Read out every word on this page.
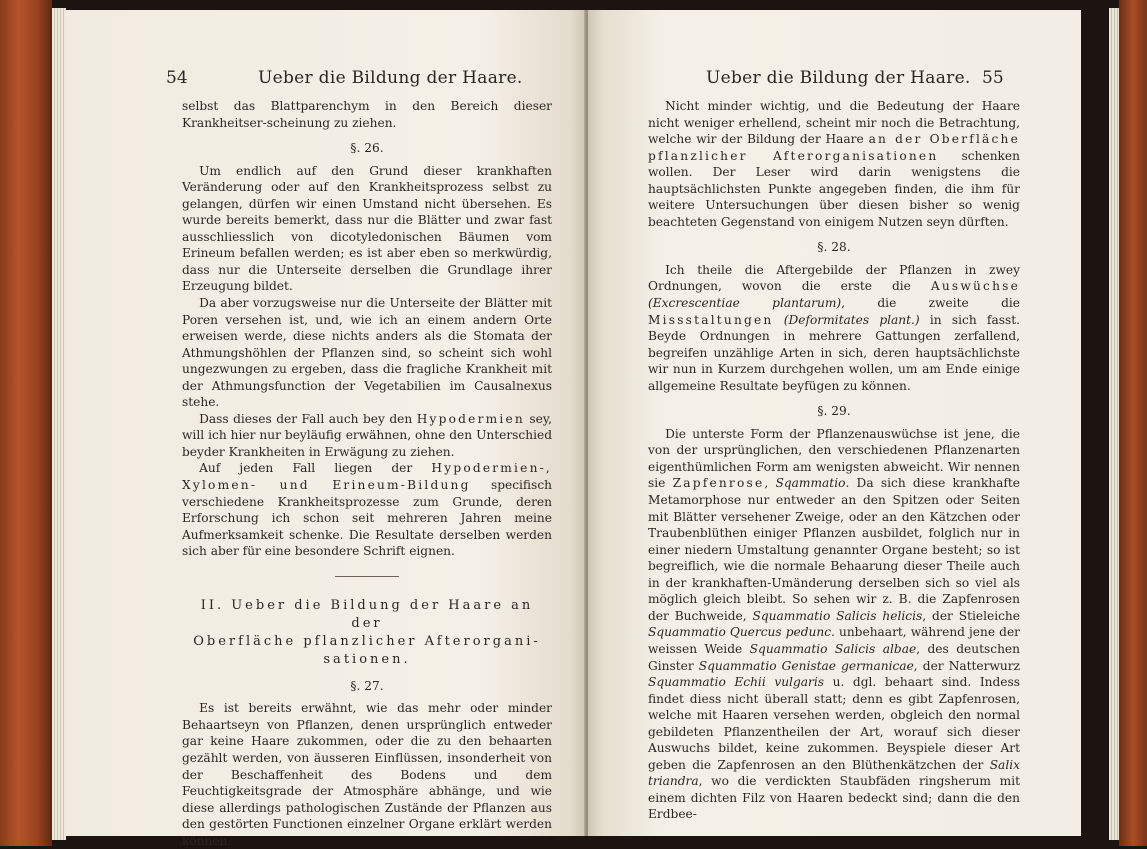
54	Ueber die Bildung der Haare.

selbst das Blattparenchym in den Bereich dieser Krankheitser-scheinung zu ziehen.

§. 26.

Um endlich auf den Grund dieser krankhaften Veränderung oder auf den Krankheitsprozess selbst zu gelangen, dürfen wir einen Umstand nicht übersehen. Es wurde bereits bemerkt, dass nur die Blätter und zwar fast ausschliesslich von dicotyledonischen Bäumen vom Erineum befallen werden; es ist aber eben so merkwürdig, dass nur die Unterseite derselben die Grundlage ihrer Erzeugung bildet.

Da aber vorzugsweise nur die Unterseite der Blätter mit Poren versehen ist, und, wie ich an einem andern Orte erweisen werde, diese nichts anders als die Stomata der Athmungshöhlen der Pflanzen sind, so scheint sich wohl ungezwungen zu ergeben, dass die fragliche Krankheit mit der Athmungsfunction der Vegetabilien im Causalnexus stehe.

Dass dieses der Fall auch bey den Hypodermien sey, will ich hier nur beyläufig erwähnen, ohne den Unterschied beyder Krankheiten in Erwägung zu ziehen.

Auf jeden Fall liegen der Hypodermien-, Xylomen- und Erineum-Bildung specifisch verschiedene Krankheitsprozesse zum Grunde, deren Erforschung ich schon seit mehreren Jahren meine Aufmerksamkeit schenke. Die Resultate derselben werden sich aber für eine besondere Schrift eignen.

II. Ueber die Bildung der Haare an der
Oberfläche pflanzlicher Afterorgani-
sationen.
§. 27.

Es ist bereits erwähnt, wie das mehr oder minder Behaartseyn von Pflanzen, denen ursprünglich entweder gar keine Haare zukommen, oder die zu den behaarten gezählt werden, von äusseren Einflüssen, insonderheit von der Beschaffenheit des Bodens und dem Feuchtigkeitsgrade der Atmosphäre abhänge, und wie diese allerdings pathologischen Zustände der Pflanzen aus den gestörten Functionen einzelner Organe erklärt werden können.

Ueber die Bildung der Haare. 55

Nicht minder wichtig, und die Bedeutung der Haare nicht weniger erhellend, scheint mir noch die Betrachtung, welche wir der Bildung der Haare an der Oberfläche pflanzlicher Afterorganisationen schenken wollen. Der Leser wird darin wenigstens die hauptsächlichsten Punkte angegeben finden, die ihm für weitere Untersuchungen über diesen bisher so wenig beachteten Gegenstand von einigem Nutzen seyn dürften.

§. 28.

Ich theile die Aftergebilde der Pflanzen in zwey Ordnungen, wovon die erste die Auswüchse (Excrescentiae plantarum), die zweite die Missstaltungen (Deformitates plant.) in sich fasst. Beyde Ordnungen in mehrere Gattungen zerfallend, begreifen unzählige Arten in sich, deren hauptsächlichste wir nun in Kurzem durchgehen wollen, um am Ende einige allgemeine Resultate beyfügen zu können.

§. 29.

Die unterste Form der Pflanzenauswüchse ist jene, die von der ursprünglichen, den verschiedenen Pflanzenarten eigenthümlichen Form am wenigsten abweicht. Wir nennen sie Zapfenrose, Sqammatio. Da sich diese krankhafte Metamorphose nur entweder an den Spitzen oder Seiten mit Blätter versehener Zweige, oder an den Kätzchen oder Traubenblüthen einiger Pflanzen ausbildet, folglich nur in einer niedern Umstaltung genannter Organe besteht; so ist begreiflich, wie die normale Behaarung dieser Theile auch in der krankhaften-Umänderung derselben sich so viel als möglich gleich bleibt. So sehen wir z. B. die Zapfenrosen der Buchweide, Squammatio Salicis helicis, der Stieleiche Squammatio Quercus pedunc. unbehaart, während jene der weissen Weide Squammatio Salicis albae, des deutschen Ginster Squammatio Genistae germanicae, der Natterwurz Squammatio Echii vulgaris u. dgl. behaart sind. Indess findet diess nicht überall statt; denn es gibt Zapfenrosen, welche mit Haaren versehen werden, obgleich den normal gebildeten Pflanzentheilen der Art, worauf sich dieser Auswuchs bildet, keine zukommen. Beyspiele dieser Art geben die Zapfenrosen an den Blüthenkätzchen der Salix triandra, wo die verdickten Staubfäden ringsherum mit einem dichten Filz von Haaren bedeckt sind; dann die den Erdbee-
